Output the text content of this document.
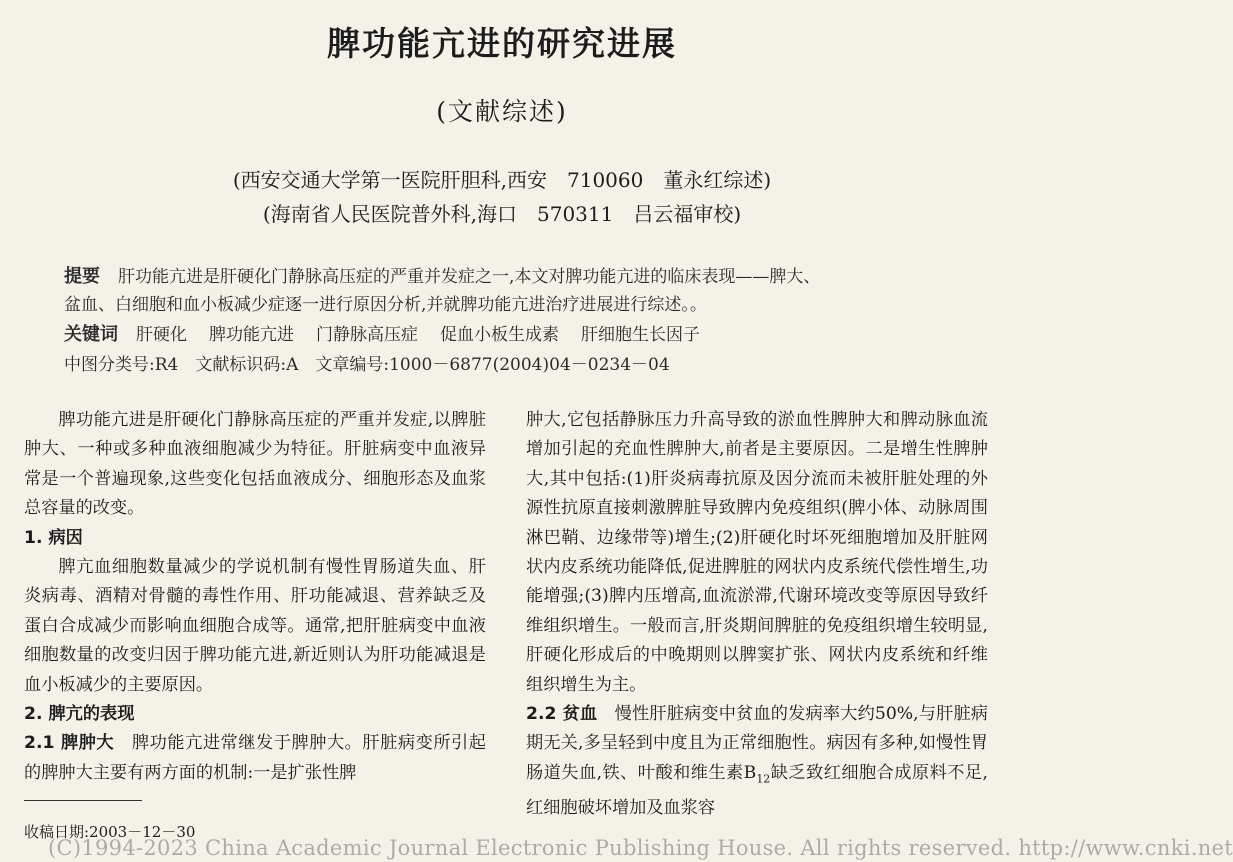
脾功能亢进的研究进展
(文献综述)
(西安交通大学第一医院肝胆科,西安　710060　董永红综述)
(海南省人民医院普外科,海口　570311　吕云福审校)
提要 肝功能亢进是肝硬化门静脉高压症的严重并发症之一,本文对脾功能亢进的临床表现——脾大、
盆血、白细胞和血小板减少症逐一进行原因分析,并就脾功能亢进治疗进展进行综述。。
关键词 肝硬化 脾功能亢进 门静脉高压症 促血小板生成素 肝细胞生长因子
中图分类号:R4　文献标识码:A　文章编号:1000－6877(2004)04－0234－04

脾功能亢进是肝硬化门静脉高压症的严重并发症,以脾脏肿大、一种或多种血液细胞减少为特征。肝脏病变中血液异常是一个普遍现象,这些变化包括血液成分、细胞形态及血浆总容量的改变。

1. 病因

脾亢血细胞数量减少的学说机制有慢性胃肠道失血、肝炎病毒、酒精对骨髓的毒性作用、肝功能减退、营养缺乏及蛋白合成减少而影响血细胞合成等。通常,把肝脏病变中血液细胞数量的改变归因于脾功能亢进,新近则认为肝功能减退是血小板减少的主要原因。

2. 脾亢的表现

2.1 脾肿大　 脾功能亢进常继发于脾肿大。肝脏病变所引起的脾肿大主要有两方面的机制:一是扩张性脾

肿大,它包括静脉压力升高导致的淤血性脾肿大和脾动脉血流增加引起的充血性脾肿大,前者是主要原因。二是增生性脾肿大,其中包括:(1)肝炎病毒抗原及因分流而未被肝脏处理的外源性抗原直接刺激脾脏导致脾内免疫组织(脾小体、动脉周围淋巴鞘、边缘带等)增生;(2)肝硬化时坏死细胞增加及肝脏网状内皮系统功能降低,促进脾脏的网状内皮系统代偿性增生,功能增强;(3)脾内压增高,血流淤滞,代谢环境改变等原因导致纤维组织增生。一般而言,肝炎期间脾脏的免疫组织增生较明显,肝硬化形成后的中晚期则以脾窦扩张、网状内皮系统和纤维组织增生为主。

2.2 贫血　 慢性肝脏病变中贫血的发病率大约50%,与肝脏病期无关,多呈轻到中度且为正常细胞性。病因有多种,如慢性胃肠道失血,铁、叶酸和维生素$B_{12}$缺乏致红细胞合成原料不足,红细胞破坏增加及血浆容

收稿日期:2003－12－30
(C)1994-2023 China Academic Journal Electronic Publishing House. All rights reserved. http://www.cnki.net
